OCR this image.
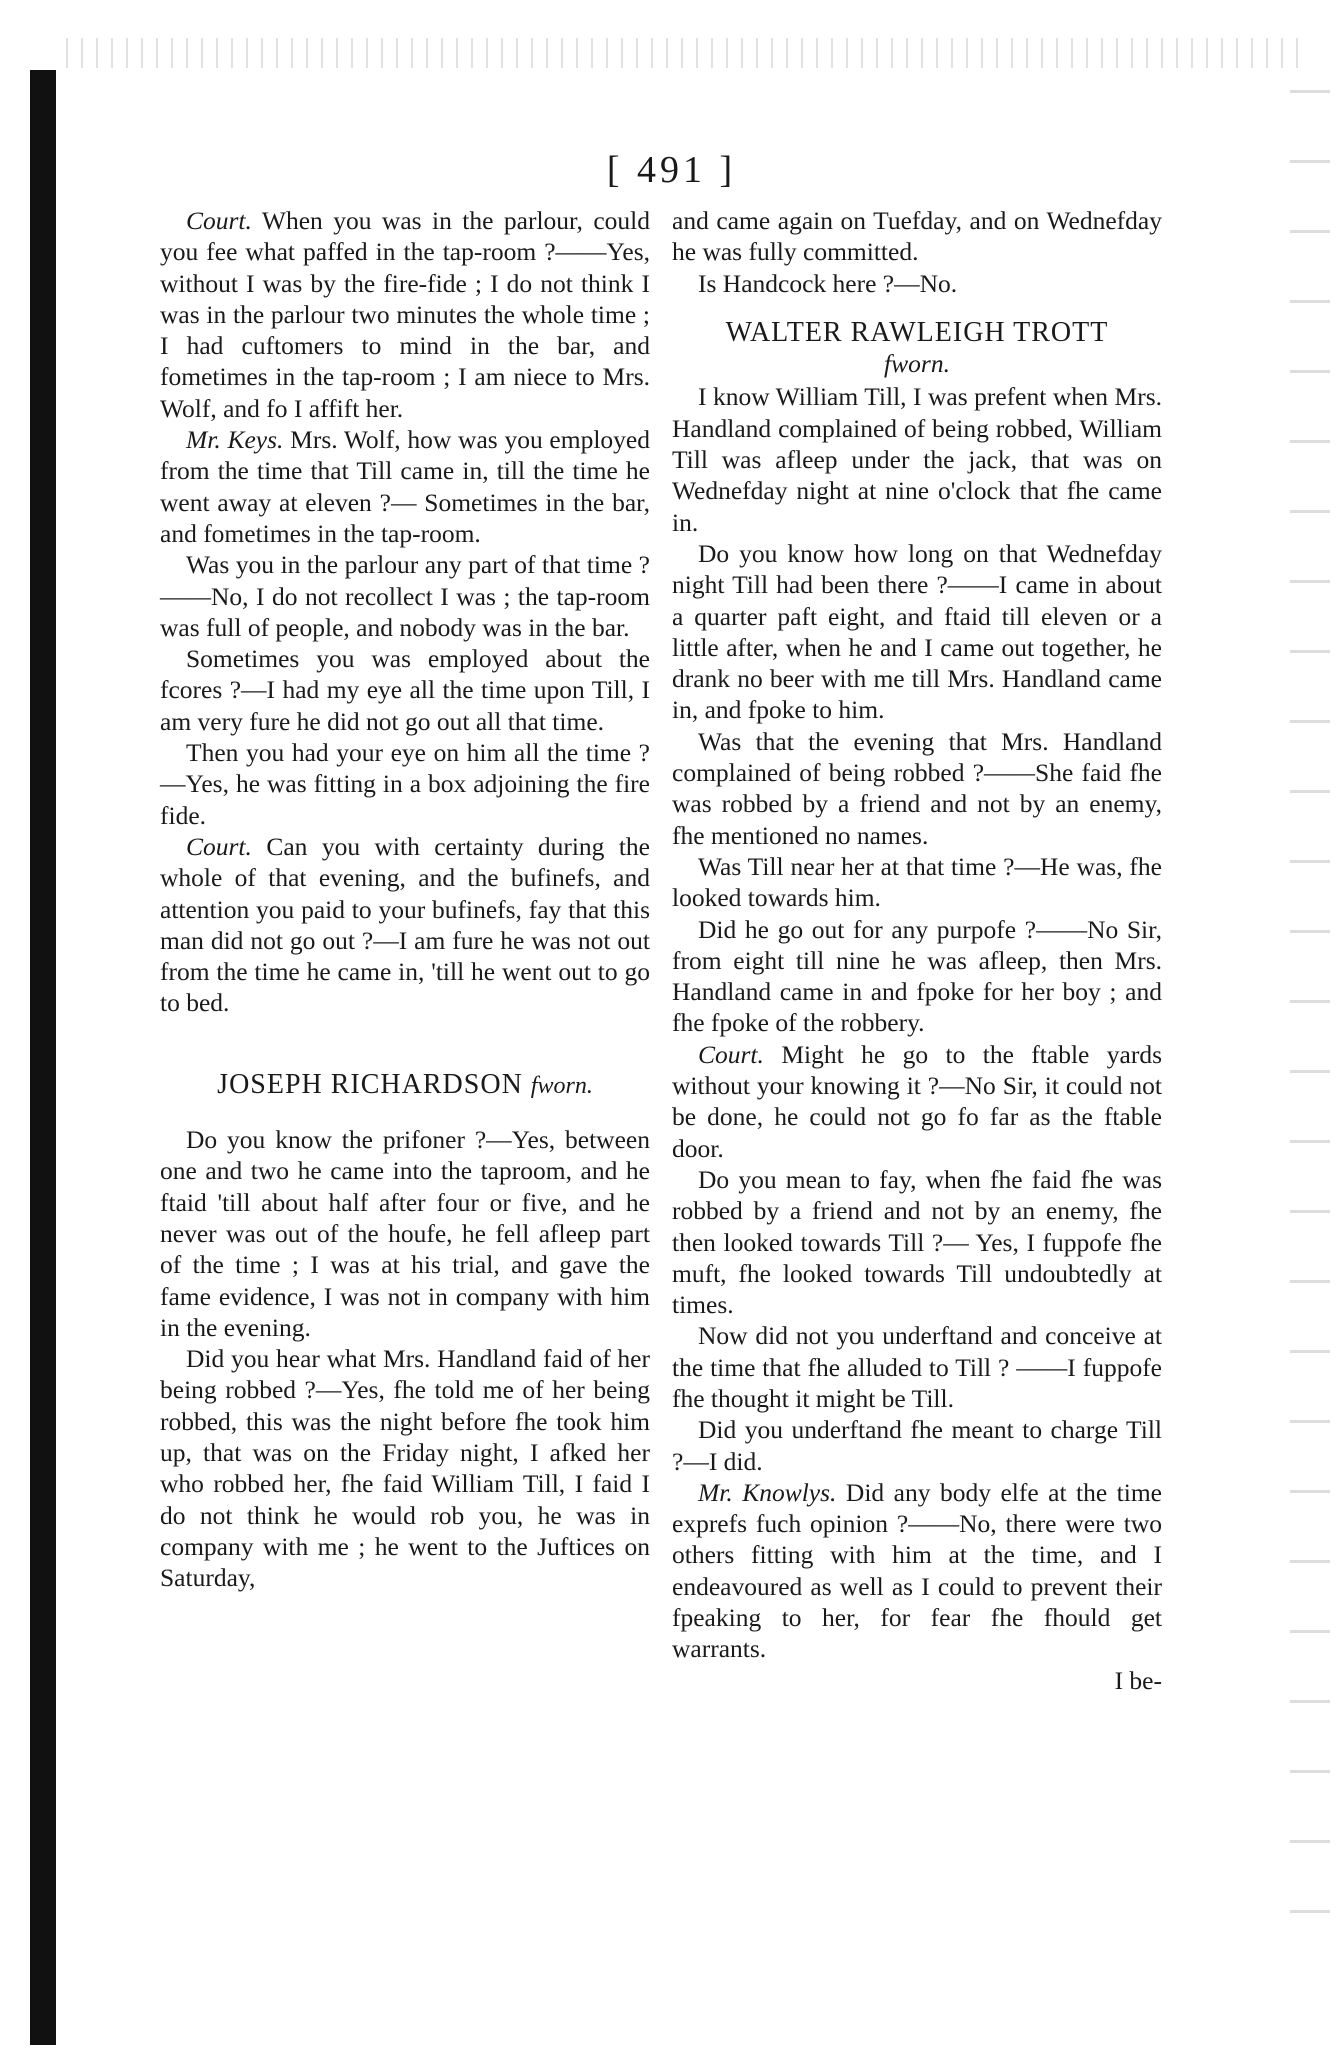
[ 491 ]

Court. When you was in the parlour, could you fee what paffed in the tap-room ?——Yes, without I was by the fire-fide ; I do not think I was in the parlour two minutes the whole time ; I had cuftomers to mind in the bar, and fometimes in the tap-room ; I am niece to Mrs. Wolf, and fo I affift her.

Mr. Keys. Mrs. Wolf, how was you employed from the time that Till came in, till the time he went away at eleven ?— Sometimes in the bar, and fometimes in the tap-room.

Was you in the parlour any part of that time ?——No, I do not recollect I was ; the tap-room was full of people, and nobody was in the bar.

Sometimes you was employed about the fcores ?—I had my eye all the time upon Till, I am very fure he did not go out all that time.

Then you had your eye on him all the time ?—Yes, he was fitting in a box adjoining the fire fide.

Court. Can you with certainty during the whole of that evening, and the bufinefs, and attention you paid to your bufinefs, fay that this man did not go out ?—I am fure he was not out from the time he came in, 'till he went out to go to bed.

JOSEPH RICHARDSON fworn.

Do you know the prifoner ?—Yes, between one and two he came into the taproom, and he ftaid 'till about half after four or five, and he never was out of the houfe, he fell afleep part of the time ; I was at his trial, and gave the fame evidence, I was not in company with him in the evening.

Did you hear what Mrs. Handland faid of her being robbed ?—Yes, fhe told me of her being robbed, this was the night before fhe took him up, that was on the Friday night, I afked her who robbed her, fhe faid William Till, I faid I do not think he would rob you, he was in company with me ; he went to the Juftices on Saturday,

and came again on Tuefday, and on Wednefday he was fully committed.

Is Handcock here ?—No.

WALTER RAWLEIGH TROTT
fworn.

I know William Till, I was prefent when Mrs. Handland complained of being robbed, William Till was afleep under the jack, that was on Wednefday night at nine o'clock that fhe came in.

Do you know how long on that Wednefday night Till had been there ?——I came in about a quarter paft eight, and ftaid till eleven or a little after, when he and I came out together, he drank no beer with me till Mrs. Handland came in, and fpoke to him.

Was that the evening that Mrs. Handland complained of being robbed ?——She faid fhe was robbed by a friend and not by an enemy, fhe mentioned no names.

Was Till near her at that time ?—He was, fhe looked towards him.

Did he go out for any purpofe ?——No Sir, from eight till nine he was afleep, then Mrs. Handland came in and fpoke for her boy ; and fhe fpoke of the robbery.

Court. Might he go to the ftable yards without your knowing it ?—No Sir, it could not be done, he could not go fo far as the ftable door.

Do you mean to fay, when fhe faid fhe was robbed by a friend and not by an enemy, fhe then looked towards Till ?— Yes, I fuppofe fhe muft, fhe looked towards Till undoubtedly at times.

Now did not you underftand and conceive at the time that fhe alluded to Till ? ——I fuppofe fhe thought it might be Till.

Did you underftand fhe meant to charge Till ?—I did.

Mr. Knowlys. Did any body elfe at the time exprefs fuch opinion ?——No, there were two others fitting with him at the time, and I endeavoured as well as I could to prevent their fpeaking to her, for fear fhe fhould get warrants.

I be-
